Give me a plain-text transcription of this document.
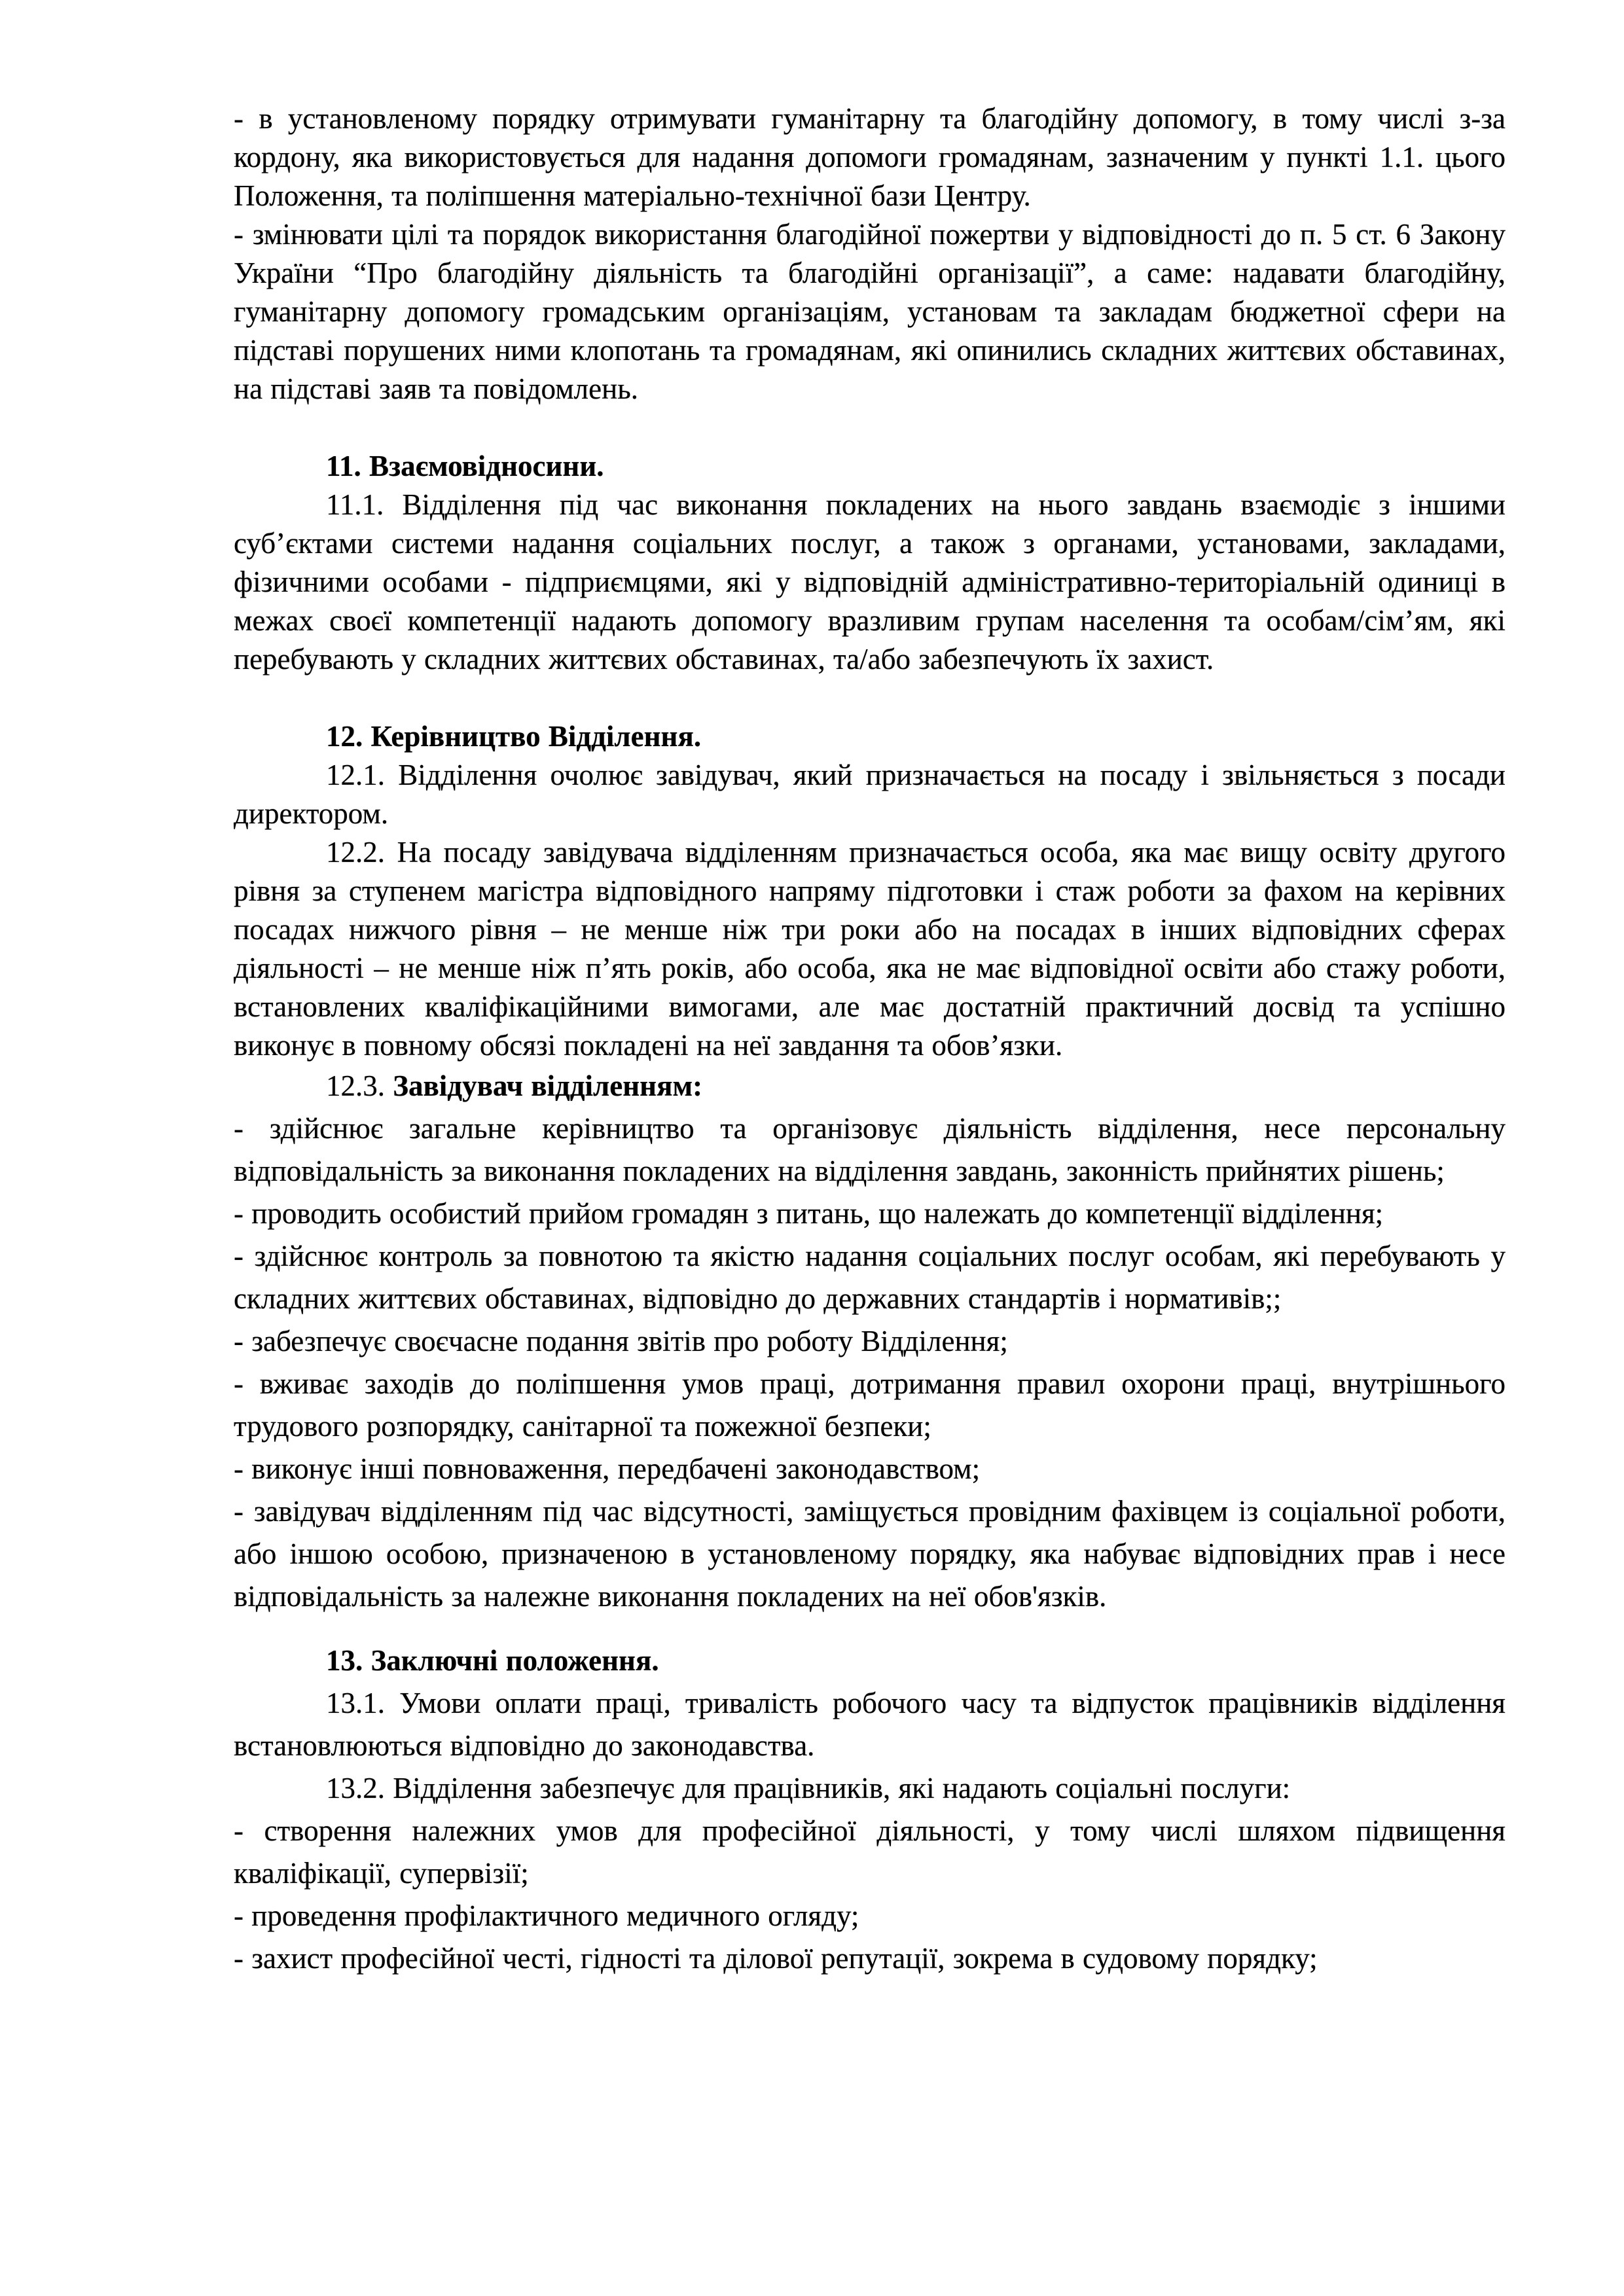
- в установленому порядку отримувати гуманітарну та благодійну допомогу, в тому числі з-за кордону, яка використовується для надання допомоги громадянам, зазначеним у пункті 1.1. цього Положення, та поліпшення матеріально-технічної бази Центру.

- змінювати цілі та порядок використання благодійної пожертви у відповідності до п. 5 ст. 6 Закону України “Про благодійну діяльність та благодійні організації”, а саме: надавати благодійну, гуманітарну допомогу громадським організаціям, установам та закладам бюджетної сфери на підставі порушених ними клопотань та громадянам, які опинились складних життєвих обставинах, на підставі заяв та повідомлень.

11. Взаємовідносини.

11.1. Відділення під час виконання покладених на нього завдань взаємодіє з іншими суб’єктами системи надання соціальних послуг, а також з органами, установами, закладами, фізичними особами - підприємцями, які у відповідній адміністративно-територіальній одиниці в межах своєї компетенції надають допомогу вразливим групам населення та особам/сім’ям, які перебувають у складних життєвих обставинах, та/або забезпечують їх захист.

12. Керівництво Відділення.

12.1. Відділення очолює завідувач, який призначається на посаду і звільняється з посади директором.

12.2. На посаду завідувача відділенням призначається особа, яка має вищу освіту другого рівня за ступенем магістра відповідного напряму підготовки і стаж роботи за фахом на керівних посадах нижчого рівня – не менше ніж три роки або на посадах в інших відповідних сферах діяльності – не менше ніж п’ять років, або особа, яка не має відповідної освіти або стажу роботи, встановлених кваліфікаційними вимогами, але має достатній практичний досвід та успішно виконує в повному обсязі покладені на неї завдання та обов’язки.

12.3. Завідувач відділенням:

- здійснює загальне керівництво та організовує діяльність відділення, несе персональну відповідальність за виконання покладених на відділення завдань, законність прийнятих рішень;

- проводить особистий прийом громадян з питань, що належать до компетенції відділення;

- здійснює контроль за повнотою та якістю надання соціальних послуг особам, які перебувають у складних життєвих обставинах, відповідно до державних стандартів і нормативів;;

- забезпечує своєчасне подання звітів про роботу Відділення;

- вживає заходів до поліпшення умов праці, дотримання правил охорони праці, внутрішнього трудового розпорядку, санітарної та пожежної безпеки;

- виконує інші повноваження, передбачені законодавством;

- завідувач відділенням під час відсутності, заміщується провідним фахівцем із соціальної роботи, або іншою особою, призначеною в установленому порядку, яка набуває відповідних прав і несе відповідальність за належне виконання покладених на неї обов'язків.

13. Заключні положення.

13.1. Умови оплати праці, тривалість робочого часу та відпусток працівників відділення встановлюються відповідно до законодавства.

13.2. Відділення забезпечує для працівників, які надають соціальні послуги:

- створення належних умов для професійної діяльності, у тому числі шляхом підвищення кваліфікації, супервізії;

- проведення профілактичного медичного огляду;

- захист професійної честі, гідності та ділової репутації, зокрема в судовому порядку;
